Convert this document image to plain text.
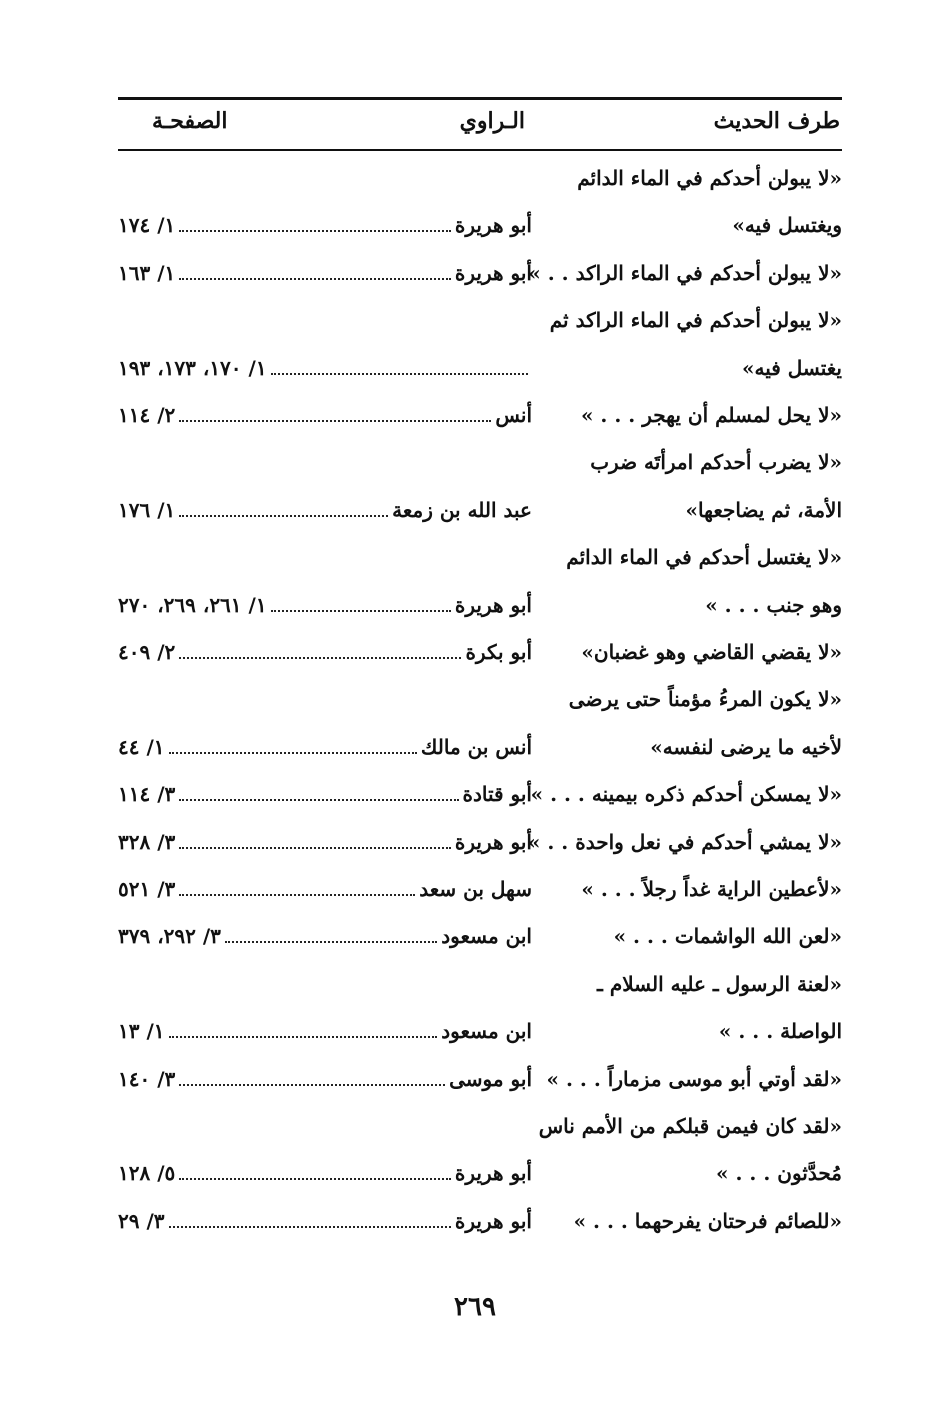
طرف الحديث
الـراوي
الصفحـة
«لا يبولن أحدكم في الماء الدائم
ويغتسل فيه»
أبو هريرة
١/ ١٧٤
«لا يبولن أحدكم في الماء الراكد . . »
أبو هريرة
١/ ١٦٣
«لا يبولن أحدكم في الماء الراكد ثم
يغتسل فيه»
١/ ١٧٠، ١٧٣، ١٩٣
«لا يحل لمسلم أن يهجر . . . »
أنس
٢/ ١١٤
«لا يضرب أحدكم امرأتَه ضرب
الأمة، ثم يضاجعها»
عبد الله بن زمعة
١/ ١٧٦
«لا يغتسل أحدكم في الماء الدائم
وهو جنب . . . »
أبو هريرة
١/ ٢٦١، ٢٦٩، ٢٧٠
«لا يقضي القاضي وهو غضبان»
أبو بكرة
٢/ ٤٠٩
«لا يكون المرءُ مؤمناً حتى يرضى
لأخيه ما يرضى لنفسه»
أنس بن مالك
١/ ٤٤
«لا يمسكن أحدكم ذكره بيمينه . . . »
أبو قتادة
٣/ ١١٤
«لا يمشي أحدكم في نعل واحدة . . »
أبو هريرة
٣/ ٣٢٨
«لأعطين الراية غداً رجلاً . . . »
سهل بن سعد
٣/ ٥٢١
«لعن الله الواشمات . . . »
ابن مسعود
٣/ ٢٩٢، ٣٧٩
«لعنة الرسول ـ عليه السلام ـ
الواصلة . . . »
ابن مسعود
١/ ١٣
«لقد أوتي أبو موسى مزماراً . . . »
أبو موسى
٣/ ١٤٠
«لقد كان فيمن قبلكم من الأمم ناس
مُحدَّثون . . . »
أبو هريرة
٥/ ١٢٨
«للصائم فرحتان يفرحهما . . . »
أبو هريرة
٣/ ٢٩
٢٦٩
